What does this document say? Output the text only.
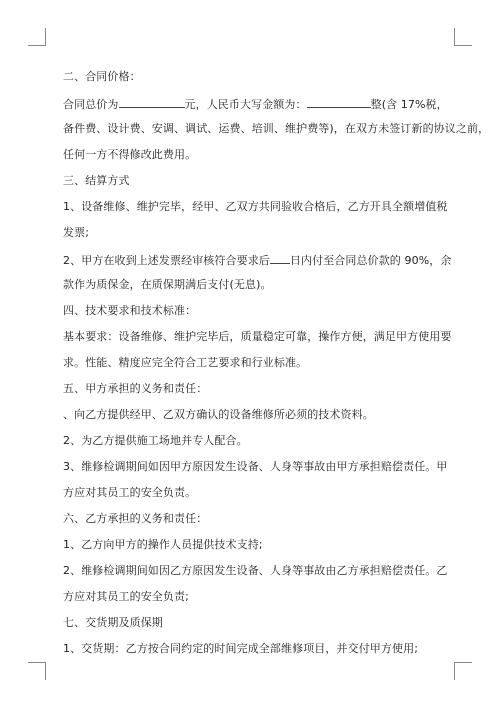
二、合同价格：
合同总价为	元，人民币大写金额为：	整(含 17%税，
备件费、设计费、安调、调试、运费、培训、维护费等)，在双方未签订新的协议之前，
任何一方不得修改此费用。
三、结算方式
1、设备维修、维护完毕，经甲、乙双方共同验收合格后，乙方开具全额增值税
发票;
2、甲方在收到上述发票经审核符合要求后 日内付至合同总价款的 90%，余
款作为质保金，在质保期满后支付(无息)。
四、技术要求和技术标准：
基本要求：设备维修、维护完毕后，质量稳定可靠，操作方便，满足甲方使用要
求。性能、精度应完全符合工艺要求和行业标准。
五、甲方承担的义务和责任：
、向乙方提供经甲、乙双方确认的设备维修所必须的技术资料。
2、为乙方提供施工场地并专人配合。
3、维修检调期间如因甲方原因发生设备、人身等事故由甲方承担赔偿责任。甲
方应对其员工的安全负责。
六、乙方承担的义务和责任：
1、乙方向甲方的操作人员提供技术支持;
2、维修检调期间如因乙方原因发生设备、人身等事故由乙方承担赔偿责任。乙
方应对其员工的安全负责;
七、交货期及质保期
1、交货期：乙方按合同约定的时间完成全部维修项目，并交付甲方使用;
